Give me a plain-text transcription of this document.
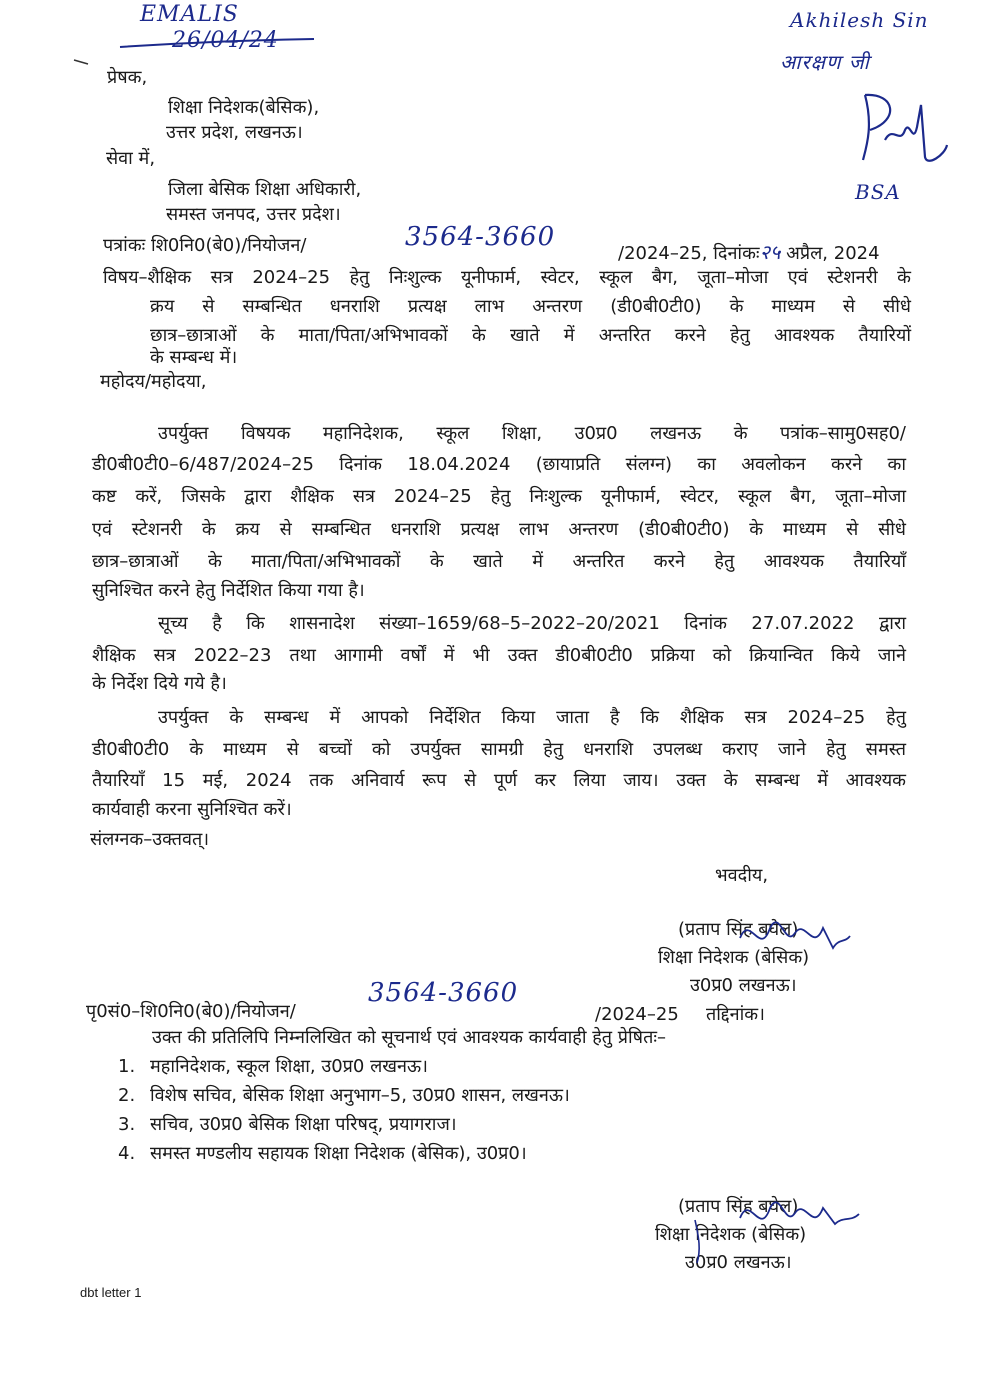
EMALIS
26/04/24
Akhilesh Sin
आरक्षण जी
BSA
प्रेषक,
शिक्षा निदेशक(बेसिक),
उत्तर प्रदेश, लखनऊ।
सेवा में,
जिला बेसिक शिक्षा अधिकारी,
समस्त जनपद, उत्तर प्रदेश।
पत्रांकः शि0नि0(बे0)/नियोजन/	3564-3660
/2024–25, दिनांकः२५ अप्रैल, 2024
विषय–शैक्षिक सत्र 2024–25 हेतु निःशुल्क यूनीफार्म, स्वेटर, स्कूल बैग, जूता–मोजा एवं स्टेशनरी के
क्रय से सम्बन्धित धनराशि प्रत्यक्ष लाभ अन्तरण (डी0बी0टी0) के माध्यम से सीधे
छात्र–छात्राओं के माता/पिता/अभिभावकों के खाते में अन्तरित करने हेतु आवश्यक तैयारियों
के सम्बन्ध में।
महोदय/महोदया,
उपर्युक्त विषयक महानिदेशक, स्कूल शिक्षा, उ0प्र0 लखनऊ के पत्रांक–सामु0सह0/
डी0बी0टी0–6/487/2024–25 दिनांक 18.04.2024 (छायाप्रति संलग्न) का अवलोकन करने का
कष्ट करें, जिसके द्वारा शैक्षिक सत्र 2024–25 हेतु निःशुल्क यूनीफार्म, स्वेटर, स्कूल बैग, जूता–मोजा
एवं स्टेशनरी के क्रय से सम्बन्धित धनराशि प्रत्यक्ष लाभ अन्तरण (डी0बी0टी0) के माध्यम से सीधे
छात्र–छात्राओं के माता/पिता/अभिभावकों के खाते में अन्तरित करने हेतु आवश्यक तैयारियाँ
सुनिश्चित करने हेतु निर्देशित किया गया है।
सूच्य है कि शासनादेश संख्या–1659/68–5–2022–20/2021 दिनांक 27.07.2022 द्वारा
शैक्षिक सत्र 2022–23 तथा आगामी वर्षों में भी उक्त डी0बी0टी0 प्रक्रिया को क्रियान्वित किये जाने
के निर्देश दिये गये है।
उपर्युक्त के सम्बन्ध में आपको निर्देशित किया जाता है कि शैक्षिक सत्र 2024–25 हेतु
डी0बी0टी0 के माध्यम से बच्चों को उपर्युक्त सामग्री हेतु धनराशि उपलब्ध कराए जाने हेतु समस्त
तैयारियाँ 15 मई, 2024 तक अनिवार्य रूप से पूर्ण कर लिया जाय। उक्त के सम्बन्ध में आवश्यक
कार्यवाही करना सुनिश्चित करें।
संलग्नक–उक्तवत्।
भवदीय,
(प्रताप सिंह बघेल)
शिक्षा निदेशक (बेसिक)
उ0प्र0 लखनऊ।
पृ0सं0–शि0नि0(बे0)/नियोजन/
3564-3660
/2024–25 तद्दिनांक।
उक्त की प्रतिलिपि निम्नलिखित को सूचनार्थ एवं आवश्यक कार्यवाही हेतु प्रेषितः–
1. महानिदेशक, स्कूल शिक्षा, उ0प्र0 लखनऊ।
2. विशेष सचिव, बेसिक शिक्षा अनुभाग–5, उ0प्र0 शासन, लखनऊ।
3. सचिव, उ0प्र0 बेसिक शिक्षा परिषद्, प्रयागराज।
4. समस्त मण्डलीय सहायक शिक्षा निदेशक (बेसिक), उ0प्र0।
(प्रताप सिंह बघेल)
शिक्षा निदेशक (बेसिक)
उ0प्र0 लखनऊ।
dbt letter 1
